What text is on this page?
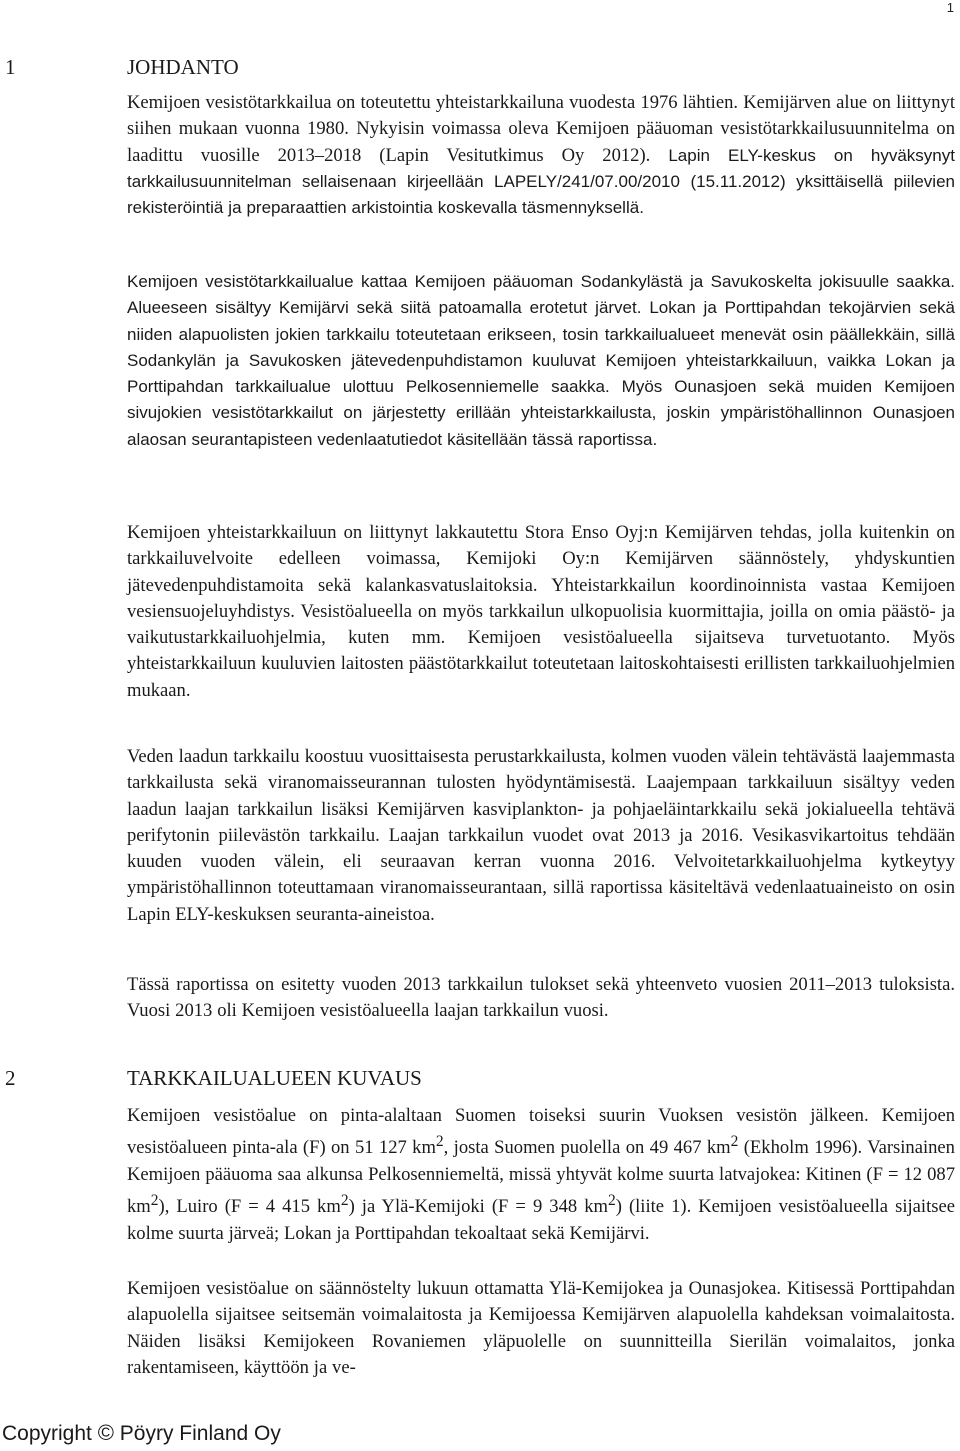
1
1	JOHDANTO

Kemijoen vesistötarkkailua on toteutettu yhteistarkkailuna vuodesta 1976 lähtien. Kemijärven alue on liittynyt siihen mukaan vuonna 1980. Nykyisin voimassa oleva Kemijoen pääuoman vesistötarkkailusuunnitelma on laadittu vuosille 2013–2018 (Lapin Vesitutkimus Oy 2012). Lapin ELY-keskus on hyväksynyt tarkkailusuunnitelman sellaisenaan kirjeellään LAPELY/241/07.00/2010 (15.11.2012) yksittäisellä piilevien rekisteröintiä ja preparaattien arkistointia koskevalla täsmennyksellä.

Kemijoen vesistötarkkailualue kattaa Kemijoen pääuoman Sodankylästä ja Savukoskelta jokisuulle saakka. Alueeseen sisältyy Kemijärvi sekä siitä patoamalla erotetut järvet. Lokan ja Porttipahdan tekojärvien sekä niiden alapuolisten jokien tarkkailu toteutetaan erikseen, tosin tarkkailualueet menevät osin päällekkäin, sillä Sodankylän ja Savukosken jätevedenpuhdistamon kuuluvat Kemijoen yhteistarkkailuun, vaikka Lokan ja Porttipahdan tarkkailualue ulottuu Pelkosenniemelle saakka. Myös Ounasjoen sekä muiden Kemijoen sivujokien vesistötarkkailut on järjestetty erillään yhteistarkkailusta, joskin ympäristöhallinnon Ounasjoen alaosan seurantapisteen vedenlaatutiedot käsitellään tässä raportissa.

Kemijoen yhteistarkkailuun on liittynyt lakkautettu Stora Enso Oyj:n Kemijärven tehdas, jolla kuitenkin on tarkkailuvelvoite edelleen voimassa, Kemijoki Oy:n Kemijärven säännöstely, yhdyskuntien jätevedenpuhdistamoita sekä kalankasvatuslaitoksia. Yhteistarkkailun koordinoinnista vastaa Kemijoen vesiensuojeluyhdistys. Vesistöalueella on myös tarkkailun ulkopuolisia kuormittajia, joilla on omia päästö- ja vaikutustarkkailuohjelmia, kuten mm. Kemijoen vesistöalueella sijaitseva turvetuotanto. Myös yhteistarkkailuun kuuluvien laitosten päästötarkkailut toteutetaan laitoskohtaisesti erillisten tarkkailuohjelmien mukaan.

Veden laadun tarkkailu koostuu vuosittaisesta perustarkkailusta, kolmen vuoden välein tehtävästä laajemmasta tarkkailusta sekä viranomaisseurannan tulosten hyödyntämisestä. Laajempaan tarkkailuun sisältyy veden laadun laajan tarkkailun lisäksi Kemijärven kasviplankton- ja pohjaeläintarkkailu sekä jokialueella tehtävä perifytonin piilevästön tarkkailu. Laajan tarkkailun vuodet ovat 2013 ja 2016. Vesikasvikartoitus tehdään kuuden vuoden välein, eli seuraavan kerran vuonna 2016. Velvoitetarkkailuohjelma kytkeytyy ympäristöhallinnon toteuttamaan viranomaisseurantaan, sillä raportissa käsiteltävä vedenlaatuaineisto on osin Lapin ELY-keskuksen seuranta-aineistoa.

Tässä raportissa on esitetty vuoden 2013 tarkkailun tulokset sekä yhteenveto vuosien 2011–2013 tuloksista. Vuosi 2013 oli Kemijoen vesistöalueella laajan tarkkailun vuosi.

2	TARKKAILUALUEEN KUVAUS

Kemijoen vesistöalue on pinta-alaltaan Suomen toiseksi suurin Vuoksen vesistön jälkeen. Kemijoen vesistöalueen pinta-ala (F) on 51 127 $km^2$, josta Suomen puolella on 49 467 $km^2$ (Ekholm 1996). Varsinainen Kemijoen pääuoma saa alkunsa Pelkosenniemeltä, missä yhtyvät kolme suurta latvajokea: Kitinen (F = 12 087 $km^2$), Luiro (F = 4 415 $km^2$) ja Ylä-Kemijoki (F = 9 348 $km^2$) (liite 1). Kemijoen vesistöalueella sijaitsee kolme suurta järveä; Lokan ja Porttipahdan tekoaltaat sekä Kemijärvi.

Kemijoen vesistöalue on säännöstelty lukuun ottamatta Ylä-Kemijokea ja Ounasjokea. Kitisessä Porttipahdan alapuolella sijaitsee seitsemän voimalaitosta ja Kemijoessa Kemijärven alapuolella kahdeksan voimalaitosta. Näiden lisäksi Kemijokeen Rovaniemen yläpuolelle on suunnitteilla Sierilän voimalaitos, jonka rakentamiseen, käyttöön ja ve-

Copyright © Pöyry Finland Oy
